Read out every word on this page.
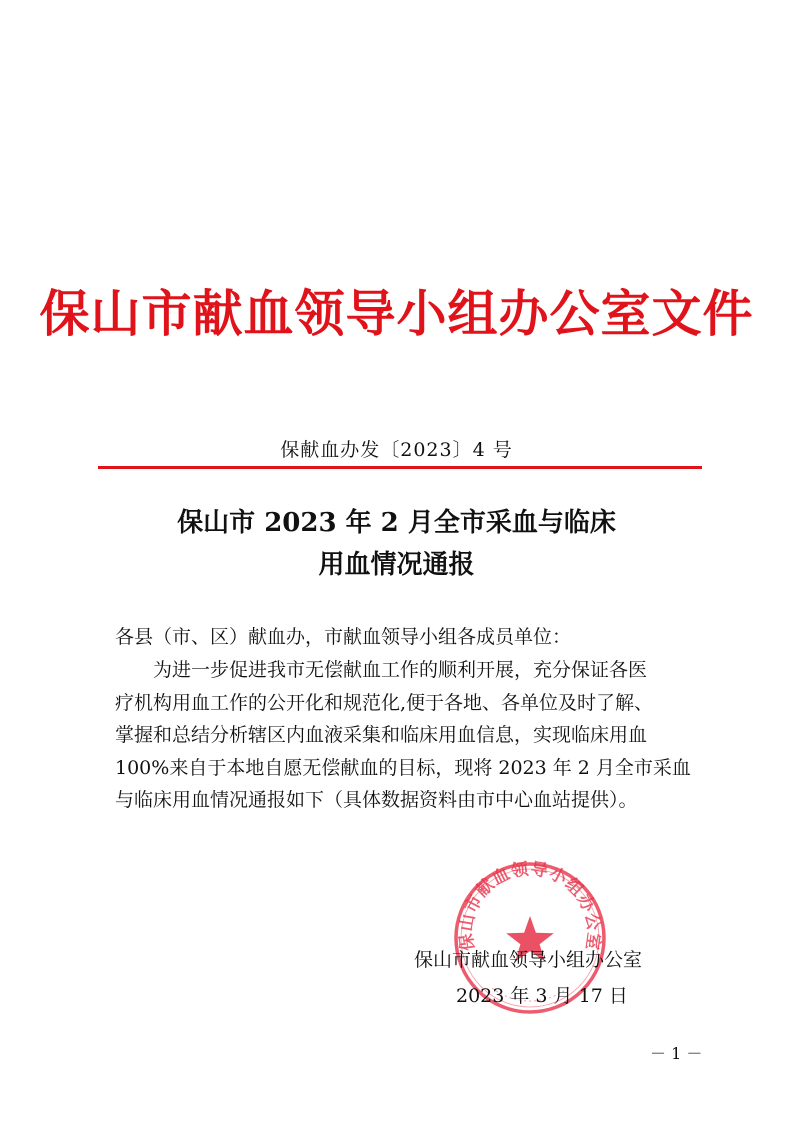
保山市献血领导小组办公室文件
保献血办发〔2023〕4 号
保山市 2023 年 2 月全市采血与临床
用血情况通报
各县（市、区）献血办，市献血领导小组各成员单位：
为进一步促进我市无偿献血工作的顺利开展，充分保证各医
疗机构用血工作的公开化和规范化,便于各地、各单位及时了解、
掌握和总结分析辖区内血液采集和临床用血信息，实现临床用血
100%来自于本地自愿无偿献血的目标，现将 2023 年 2 月全市采血
与临床用血情况通报如下（具体数据资料由市中心血站提供）。
保山市献血领导小组办公室
保山市献血领导小组办公室
2023 年 3 月 17 日
－ 1 －
